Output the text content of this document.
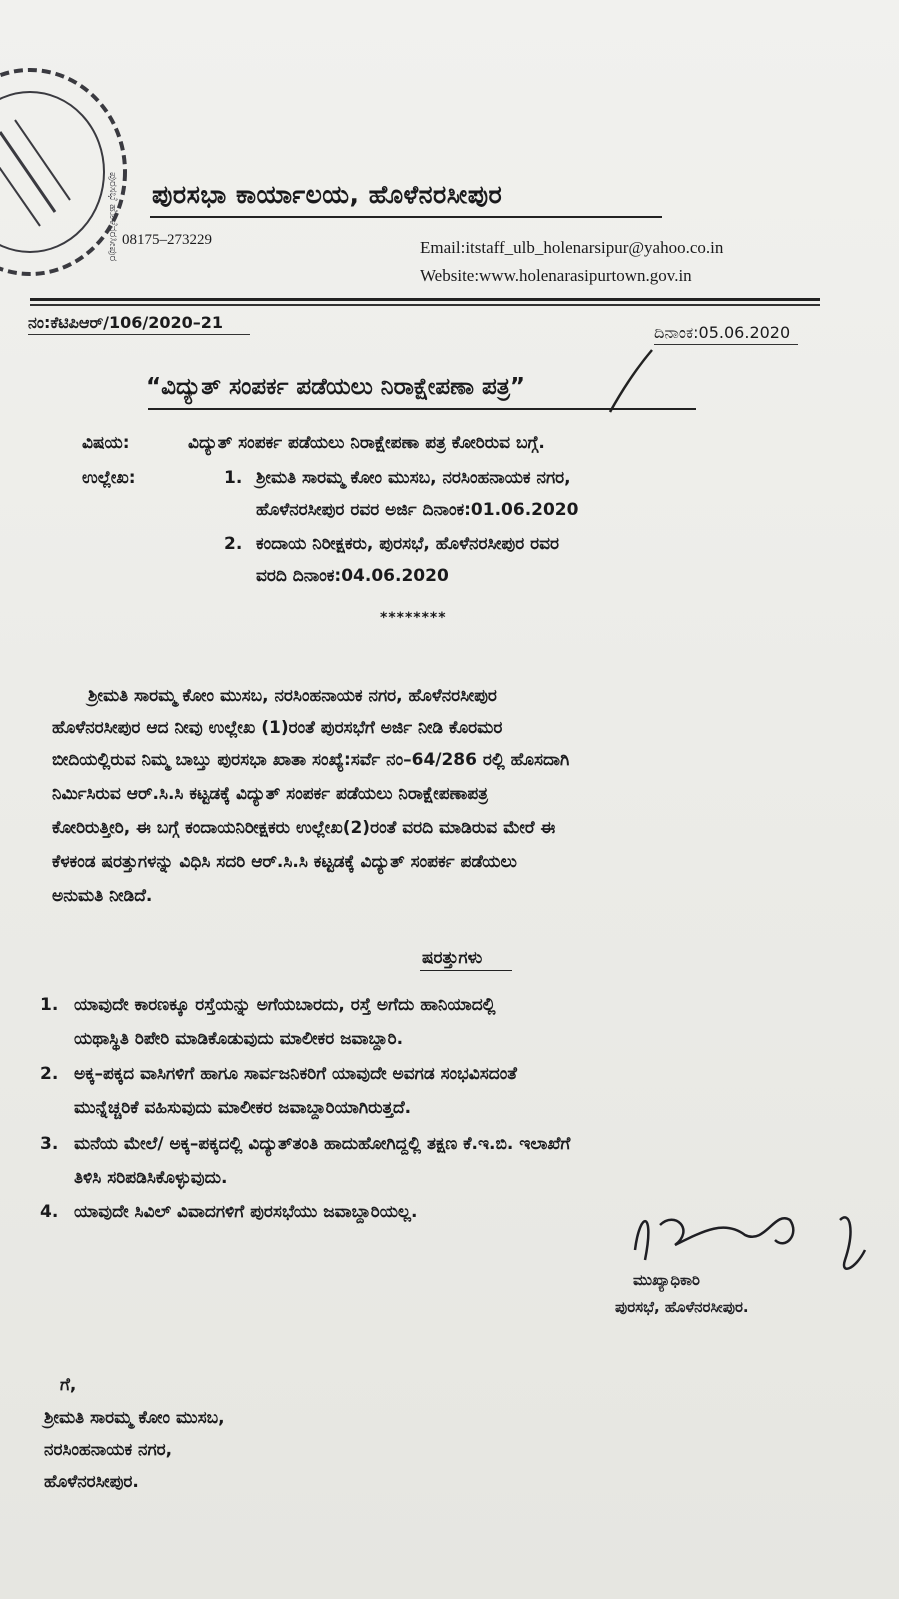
ಪುರಸಭೆ ಹೊಳೆನರಸೀಪುರ ಪುರಸಭಾ ಕಾರ್ಯಾಲಯ, ಹೊಳೆನರಸೀಪುರ
08175–273229	Email:itstaff_ulb_holenarsipur@yahoo.co.in
Website:www.holenarasipurtown.gov.in
ನಂ:ಕೆಟಿಪಿಆರ್/106/2020–21
ದಿನಾಂಕ:05.06.2020
“ವಿದ್ಯುತ್ ಸಂಪರ್ಕ ಪಡೆಯಲು ನಿರಾಕ್ಷೇಪಣಾ ಪತ್ರ”
ವಿಷಯ:	ವಿದ್ಯುತ್ ಸಂಪರ್ಕ ಪಡೆಯಲು ನಿರಾಕ್ಷೇಪಣಾ ಪತ್ರ ಕೋರಿರುವ ಬಗ್ಗೆ.
ಉಲ್ಲೇಖ:	1. ಶ್ರೀಮತಿ ಸಾರಮ್ಮ ಕೋಂ ಮುಸಬ, ನರಸಿಂಹನಾಯಕ ನಗರ,
ಹೊಳೆನರಸೀಪುರ ರವರ ಅರ್ಜಿ ದಿನಾಂಕ:01.06.2020
2. ಕಂದಾಯ ನಿರೀಕ್ಷಕರು, ಪುರಸಭೆ, ಹೊಳೆನರಸೀಪುರ ರವರ
ವರದಿ ದಿನಾಂಕ:04.06.2020
********
ಶ್ರೀಮತಿ ಸಾರಮ್ಮ ಕೋಂ ಮುಸಬ, ನರಸಿಂಹನಾಯಕ ನಗರ, ಹೊಳೆನರಸೀಪುರ
ಹೊಳೆನರಸೀಪುರ ಆದ ನೀವು ಉಲ್ಲೇಖ (1)ರಂತೆ ಪುರಸಭೆಗೆ ಅರ್ಜಿ ನೀಡಿ ಕೊರಮರ
ಬೀದಿಯಲ್ಲಿರುವ ನಿಮ್ಮ ಬಾಬ್ತು ಪುರಸಭಾ ಖಾತಾ ಸಂಖ್ಯೆ:ಸರ್ವೆ ನಂ–64/286 ರಲ್ಲಿ ಹೊಸದಾಗಿ
ನಿರ್ಮಿಸಿರುವ ಆರ್.ಸಿ.ಸಿ ಕಟ್ಟಡಕ್ಕೆ ವಿದ್ಯುತ್ ಸಂಪರ್ಕ ಪಡೆಯಲು ನಿರಾಕ್ಷೇಪಣಾಪತ್ರ
ಕೋರಿರುತ್ತೀರಿ, ಈ ಬಗ್ಗೆ ಕಂದಾಯನಿರೀಕ್ಷಕರು ಉಲ್ಲೇಖ(2)ರಂತೆ ವರದಿ ಮಾಡಿರುವ ಮೇರೆ ಈ
ಕೆಳಕಂಡ ಷರತ್ತುಗಳನ್ನು ವಿಧಿಸಿ ಸದರಿ ಆರ್.ಸಿ.ಸಿ ಕಟ್ಟಡಕ್ಕೆ ವಿದ್ಯುತ್ ಸಂಪರ್ಕ ಪಡೆಯಲು
ಅನುಮತಿ ನೀಡಿದೆ.
ಷರತ್ತುಗಳು
1. ಯಾವುದೇ ಕಾರಣಕ್ಕೂ ರಸ್ತೆಯನ್ನು ಅಗೆಯಬಾರದು, ರಸ್ತೆ ಅಗೆದು ಹಾನಿಯಾದಲ್ಲಿ
ಯಥಾಸ್ಥಿತಿ ರಿಪೇರಿ ಮಾಡಿಕೊಡುವುದು ಮಾಲೀಕರ ಜವಾಬ್ದಾರಿ.
2. ಅಕ್ಕ–ಪಕ್ಕದ ವಾಸಿಗಳಿಗೆ ಹಾಗೂ ಸಾರ್ವಜನಿಕರಿಗೆ ಯಾವುದೇ ಅವಗಡ ಸಂಭವಿಸದಂತೆ
ಮುನ್ನೆಚ್ಚರಿಕೆ ವಹಿಸುವುದು ಮಾಲೀಕರ ಜವಾಬ್ದಾರಿಯಾಗಿರುತ್ತದೆ.
3. ಮನೆಯ ಮೇಲೆ/ ಅಕ್ಕ–ಪಕ್ಕದಲ್ಲಿ ವಿದ್ಯುತ್‌ತಂತಿ ಹಾದುಹೋಗಿದ್ದಲ್ಲಿ ತಕ್ಷಣ ಕೆ.ಇ.ಬಿ. ಇಲಾಖೆಗೆ
ತಿಳಿಸಿ ಸರಿಪಡಿಸಿಕೊಳ್ಳುವುದು.
4. ಯಾವುದೇ ಸಿವಿಲ್ ವಿವಾದಗಳಿಗೆ ಪುರಸಭೆಯು ಜವಾಬ್ದಾರಿಯಲ್ಲ.
ಮುಖ್ಯಾಧಿಕಾರಿ
ಪುರಸಭೆ, ಹೊಳೆನರಸೀಪುರ.
ಗೆ,
ಶ್ರೀಮತಿ ಸಾರಮ್ಮ ಕೋಂ ಮುಸಬ,
ನರಸಿಂಹನಾಯಕ ನಗರ,
ಹೊಳೆನರಸೀಪುರ.
